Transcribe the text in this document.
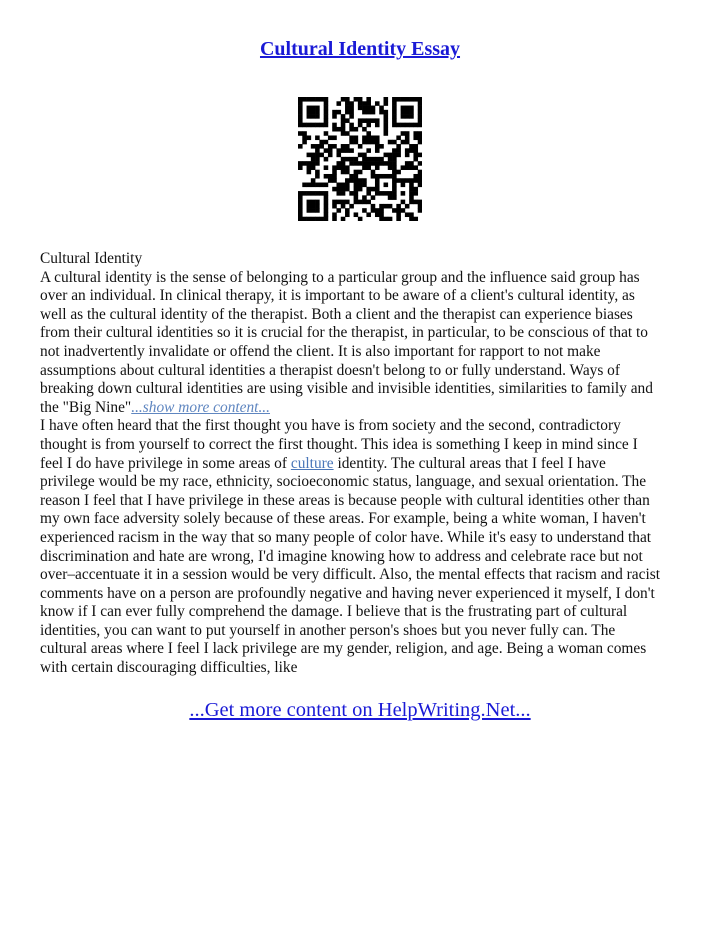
Cultural Identity Essay

Cultural Identity

A cultural identity is the sense of belonging to a particular group and the influence said group has
over an individual. In clinical therapy, it is important to be aware of a client's cultural identity, as
well as the cultural identity of the therapist. Both a client and the therapist can experience biases
from their cultural identities so it is crucial for the therapist, in particular, to be conscious of that to
not inadvertently invalidate or offend the client. It is also important for rapport to not make
assumptions about cultural identities a therapist doesn't belong to or fully understand. Ways of
breaking down cultural identities are using visible and invisible identities, similarities to family and
the "Big Nine"...show more content...

I have often heard that the first thought you have is from society and the second, contradictory
thought is from yourself to correct the first thought. This idea is something I keep in mind since I
feel I do have privilege in some areas of culture identity. The cultural areas that I feel I have
privilege would be my race, ethnicity, socioeconomic status, language, and sexual orientation. The
reason I feel that I have privilege in these areas is because people with cultural identities other than
my own face adversity solely because of these areas. For example, being a white woman, I haven't
experienced racism in the way that so many people of color have. While it's easy to understand that
discrimination and hate are wrong, I'd imagine knowing how to address and celebrate race but not
over–accentuate it in a session would be very difficult. Also, the mental effects that racism and racist
comments have on a person are profoundly negative and having never experienced it myself, I don't
know if I can ever fully comprehend the damage. I believe that is the frustrating part of cultural
identities, you can want to put yourself in another person's shoes but you never fully can. The
cultural areas where I feel I lack privilege are my gender, religion, and age. Being a woman comes
with certain discouraging difficulties, like

...Get more content on HelpWriting.Net...
